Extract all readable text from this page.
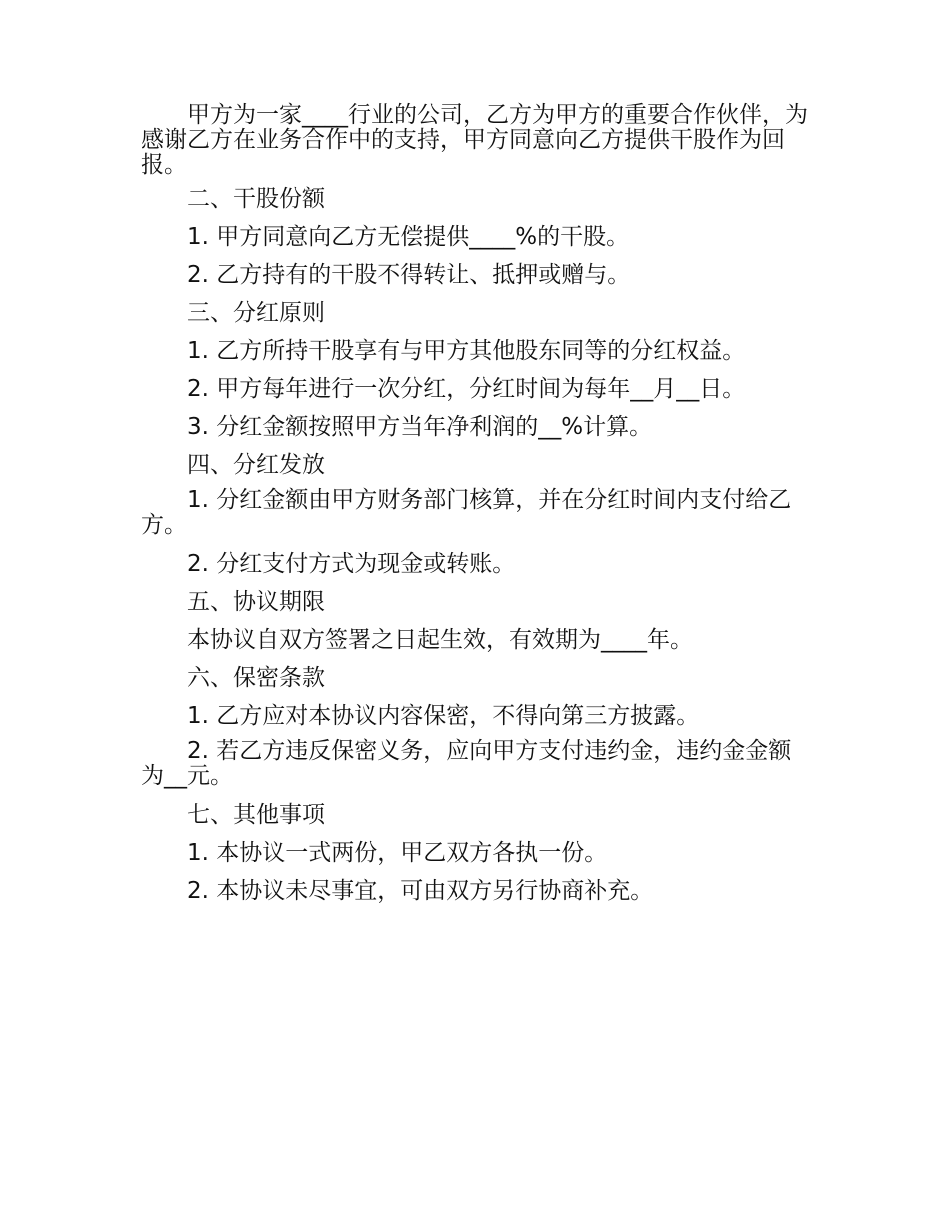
甲方为一家____行业的公司，乙方为甲方的重要合作伙伴，为感谢乙方在业务合作中的支持，甲方同意向乙方提供干股作为回报。

二、干股份额

1. 甲方同意向乙方无偿提供____%的干股。

2. 乙方持有的干股不得转让、抵押或赠与。

三、分红原则

1. 乙方所持干股享有与甲方其他股东同等的分红权益。

2. 甲方每年进行一次分红，分红时间为每年__月__日。

3. 分红金额按照甲方当年净利润的__%计算。

四、分红发放

1. 分红金额由甲方财务部门核算，并在分红时间内支付给乙方。

2. 分红支付方式为现金或转账。

五、协议期限

本协议自双方签署之日起生效，有效期为____年。

六、保密条款

1. 乙方应对本协议内容保密，不得向第三方披露。

2. 若乙方违反保密义务，应向甲方支付违约金，违约金金额为__元。

七、其他事项

1. 本协议一式两份，甲乙双方各执一份。

2. 本协议未尽事宜，可由双方另行协商补充。
